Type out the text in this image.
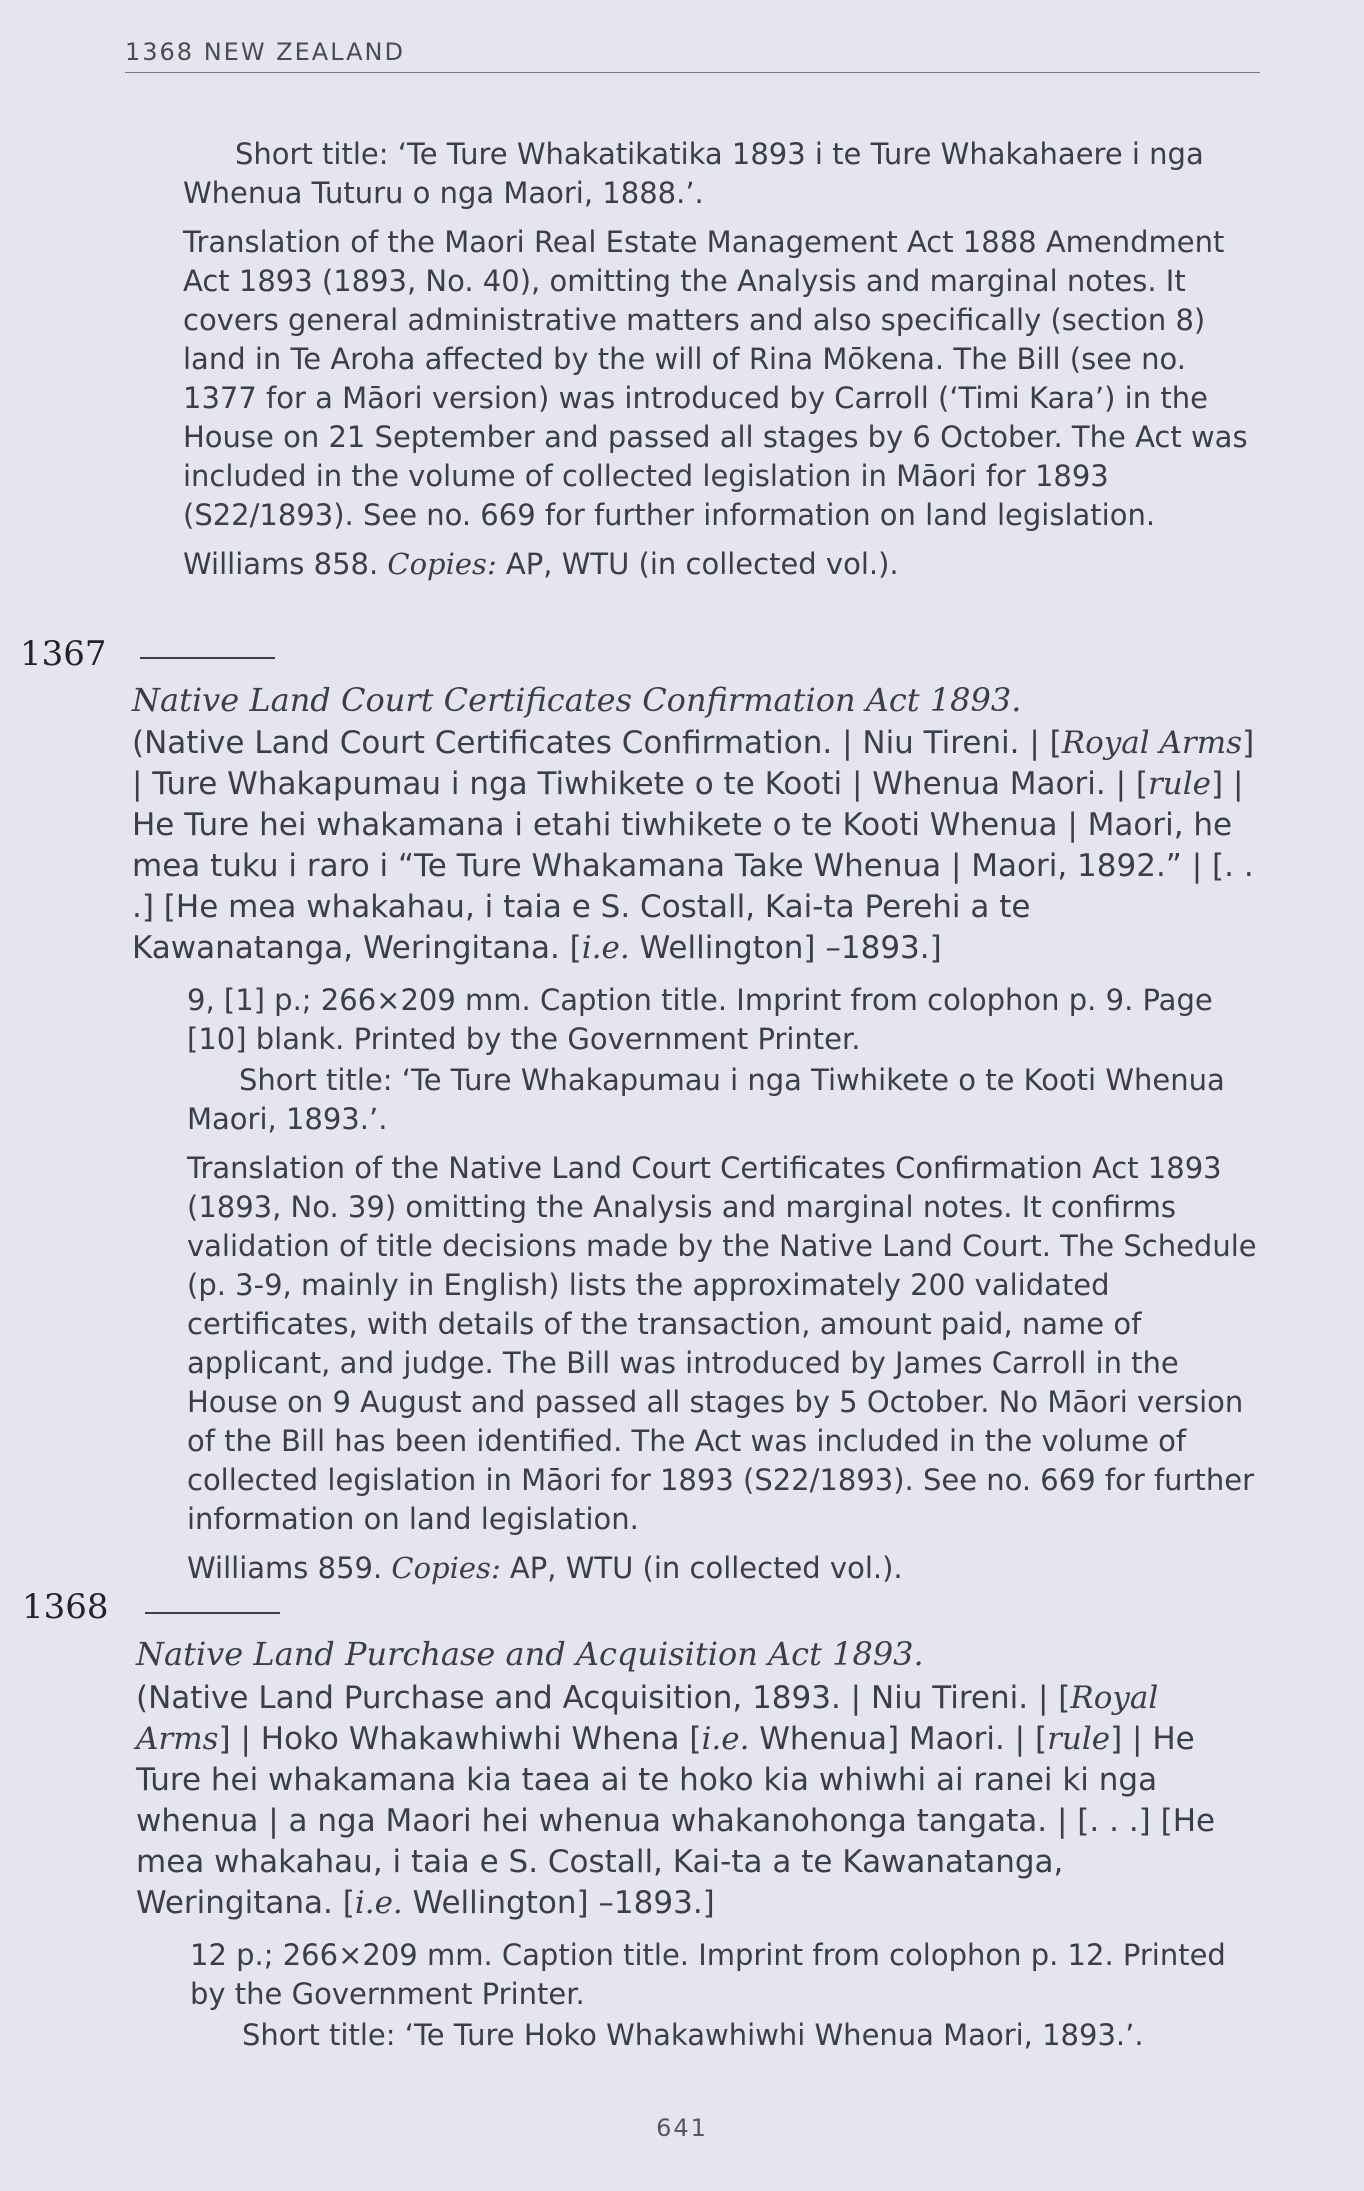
1368 NEW ZEALAND

Short title: ‘Te Ture Whakatikatika 1893 i te Ture Whakahaere i nga Whenua Tuturu o nga Maori, 1888.’.

Translation of the Maori Real Estate Management Act 1888 Amendment Act 1893 (1893, No. 40), omitting the Analysis and marginal notes. It covers general administrative matters and also specifically (section 8) land in Te Aroha affected by the will of Rina Mōkena. The Bill (see no. 1377 for a Māori version) was introduced by Carroll (‘Timi Kara’) in the House on 21 September and passed all stages by 6 October. The Act was included in the volume of collected legislation in Māori for 1893 (S22/1893). See no. 669 for further information on land legislation.

Williams 858. Copies: AP, WTU (in collected vol.).

1367
Native Land Court Certificates Confirmation Act 1893.
(Native Land Court Certificates Confirmation. | Niu Tireni. | [Royal Arms] | Ture Whakapumau i nga Tiwhikete o te Kooti | Whenua Maori. | [rule] | He Ture hei whakamana i etahi tiwhikete o te Kooti Whenua | Maori, he mea tuku i raro i “Te Ture Whakamana Take Whenua | Maori, 1892.” | [. . .] [He mea whakahau, i taia e S. Costall, Kai-ta Perehi a te Kawanatanga, Weringitana. [i.e. Wellington] –1893.]

9, [1] p.; 266×209 mm. Caption title. Imprint from colophon p. 9. Page [10] blank. Printed by the Government Printer.

Short title: ‘Te Ture Whakapumau i nga Tiwhikete o te Kooti Whenua Maori, 1893.’.

Translation of the Native Land Court Certificates Confirmation Act 1893 (1893, No. 39) omitting the Analysis and marginal notes. It confirms validation of title decisions made by the Native Land Court. The Schedule (p. 3-9, mainly in English) lists the approximately 200 validated certificates, with details of the transaction, amount paid, name of applicant, and judge. The Bill was introduced by James Carroll in the House on 9 August and passed all stages by 5 October. No Māori version of the Bill has been identified. The Act was included in the volume of collected legislation in Māori for 1893 (S22/1893). See no. 669 for further information on land legislation.

Williams 859. Copies: AP, WTU (in collected vol.).

1368
Native Land Purchase and Acquisition Act 1893.
(Native Land Purchase and Acquisition, 1893. | Niu Tireni. | [Royal Arms] | Hoko Whakawhiwhi Whena [i.e. Whenua] Maori. | [rule] | He Ture hei whakamana kia taea ai te hoko kia whiwhi ai ranei ki nga whenua | a nga Maori hei whenua whakanohonga tangata. | [. . .] [He mea whakahau, i taia e S. Costall, Kai-ta a te Kawanatanga, Weringitana. [i.e. Wellington] –1893.]

12 p.; 266×209 mm. Caption title. Imprint from colophon p. 12. Printed by the Government Printer.

Short title: ‘Te Ture Hoko Whakawhiwhi Whenua Maori, 1893.’.

641
